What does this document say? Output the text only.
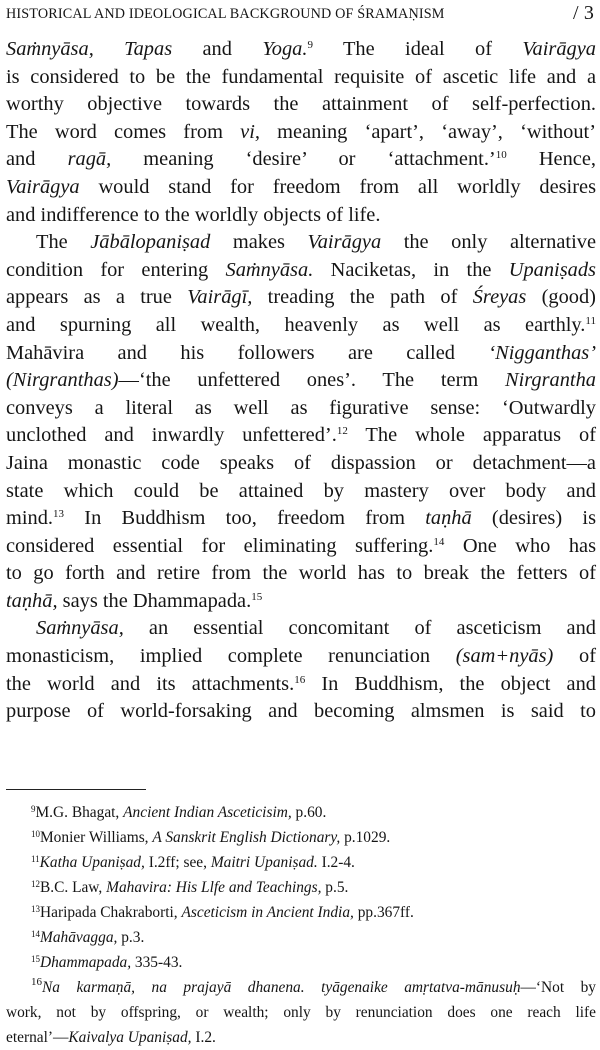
HISTORICAL AND IDEOLOGICAL BACKGROUND OF ŚRAMAṆISM	/ 3
Saṁnyāsa, Tapas and Yoga.$^9$ The ideal of Vairāgya
is considered to be the fundamental requisite of ascetic life and a
worthy objective towards the attainment of self-perfection.
The word comes from vi, meaning ‘apart’, ‘away’, ‘without’
and ragā, meaning ‘desire’ or ‘attachment.’$^{10}$ Hence,
Vairāgya would stand for freedom from all worldly desires
and indifference to the worldly objects of life.
The Jābālopaniṣad makes Vairāgya the only alternative
condition for entering Saṁnyāsa. Naciketas, in the Upaniṣads
appears as a true Vairāgī, treading the path of Śreyas (good)
and spurning all wealth, heavenly as well as earthly.$^{11}$
Mahāvira and his followers are called ‘Nigganthas’
(Nirgranthas)—‘the unfettered ones’. The term Nirgrantha
conveys a literal as well as figurative sense: ‘Outwardly
unclothed and inwardly unfettered’.$^{12}$ The whole apparatus of
Jaina monastic code speaks of dispassion or detachment—a
state which could be attained by mastery over body and
mind.$^{13}$ In Buddhism too, freedom from taṇhā (desires) is
considered essential for eliminating suffering.$^{14}$ One who has
to go forth and retire from the world has to break the fetters of
taṇhā, says the Dhammapada.$^{15}$
Saṁnyāsa, an essential concomitant of asceticism and
monasticism, implied complete renunciation (sam+nyās) of
the world and its attachments.$^{16}$ In Buddhism, the object and
purpose of world-forsaking and becoming almsmen is said to
$^9$M.G. Bhagat, Ancient Indian Asceticisim, p.60.
$^{10}$Monier Williams, A Sanskrit English Dictionary, p.1029.
$^{11}$Katha Upaniṣad, I.2ff; see, Maitri Upaniṣad. I.2-4.
$^{12}$B.C. Law, Mahavira: His Llfe and Teachings, p.5.
$^{13}$Haripada Chakraborti, Asceticism in Ancient India, pp.367ff.
$^{14}$Mahāvagga, p.3.
$^{15}$Dhammapada, 335-43.
$^{16}$Na karmaṇā, na prajayā dhanena. tyāgenaike amṛtatva-mānusuḥ—‘Not by
work, not by offspring, or wealth; only by renunciation does one reach life
eternal’—Kaivalya Upaniṣad, I.2.
